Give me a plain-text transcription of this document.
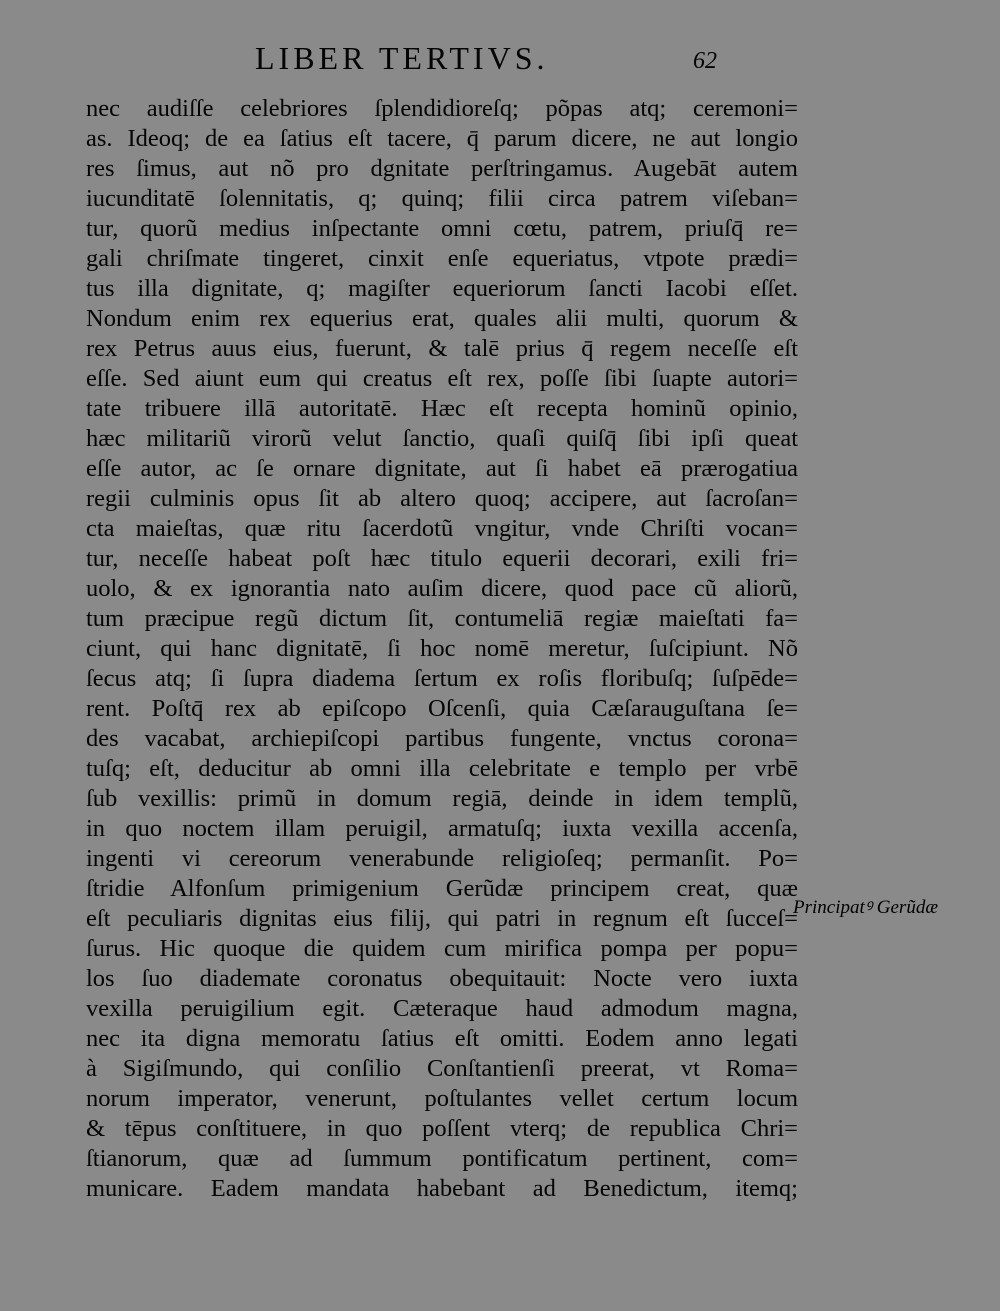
LIBER TERTIVS.	62
nec audiſſe celebriores ſplendidioreſq; põpas atq; ceremoni=
as. Ideoq; de ea ſatius eſt tacere, q̄ parum dicere, ne aut longio
res ſimus, aut nõ pro dgnitate perſtringamus. Augebāt autem
iucunditatē ſolennitatis, q; quinq; filii circa patrem viſeban=
tur, quorũ medius inſpectante omni cœtu, patrem, priuſq̄ re=
gali chriſmate tingeret, cinxit enſe equeriatus, vtpote prædi=
tus illa dignitate, q; magiſter equeriorum ſancti Iacobi eſſet.
Nondum enim rex equerius erat, quales alii multi, quorum &
rex Petrus auus eius, fuerunt, & talē prius q̄ regem neceſſe eſt
eſſe. Sed aiunt eum qui creatus eſt rex, poſſe ſibi ſuapte autori=
tate tribuere illā autoritatē. Hæc eſt recepta hominũ opinio,
hæc militariũ virorũ velut ſanctio, quaſi quiſq̄ ſibi ipſi queat
eſſe autor, ac ſe ornare dignitate, aut ſi habet eā prærogatiua
regii culminis opus ſit ab altero quoq; accipere, aut ſacroſan=
cta maieſtas, quæ ritu ſacerdotũ vngitur, vnde Chriſti vocan=
tur, neceſſe habeat poſt hæc titulo equerii decorari, exili fri=
uolo, & ex ignorantia nato auſim dicere, quod pace cũ aliorũ,
tum præcipue regũ dictum ſit, contumeliā regiæ maieſtati fa=
ciunt, qui hanc dignitatē, ſi hoc nomē meretur, ſuſcipiunt. Nõ
ſecus atq; ſi ſupra diadema ſertum ex roſis floribuſq; ſuſpēde=
rent. Poſtq̄ rex ab epiſcopo Oſcenſi, quia Cæſarauguſtana ſe=
des vacabat, archiepiſcopi partibus fungente, vnctus corona=
tuſq; eſt, deducitur ab omni illa celebritate e templo per vrbē
ſub vexillis: primũ in domum regiā, deinde in idem templũ,
in quo noctem illam peruigil, armatuſq; iuxta vexilla accenſa,
ingenti vi cereorum venerabunde religioſeq; permanſit. Po=
ſtridie Alfonſum primigenium Gerũdæ principem creat, quæ
eſt peculiaris dignitas eius filij, qui patri in regnum eſt ſucceſ=
ſurus. Hic quoque die quidem cum mirifica pompa per popu=
los ſuo diademate coronatus obequitauit: Nocte vero iuxta
vexilla peruigilium egit. Cæteraque haud admodum magna,
nec ita digna memoratu ſatius eſt omitti. Eodem anno legati
à Sigiſmundo, qui conſilio Conſtantienſi preerat, vt Roma=
norum imperator, venerunt, poſtulantes vellet certum locum
& tēpus conſtituere, in quo poſſent vterq; de republica Chri=
ſtianorum, quæ ad ſummum pontificatum pertinent, com=
municare. Eadem mandata habebant ad Benedictum, itemq;
Principatꝰ Gerũdæ
